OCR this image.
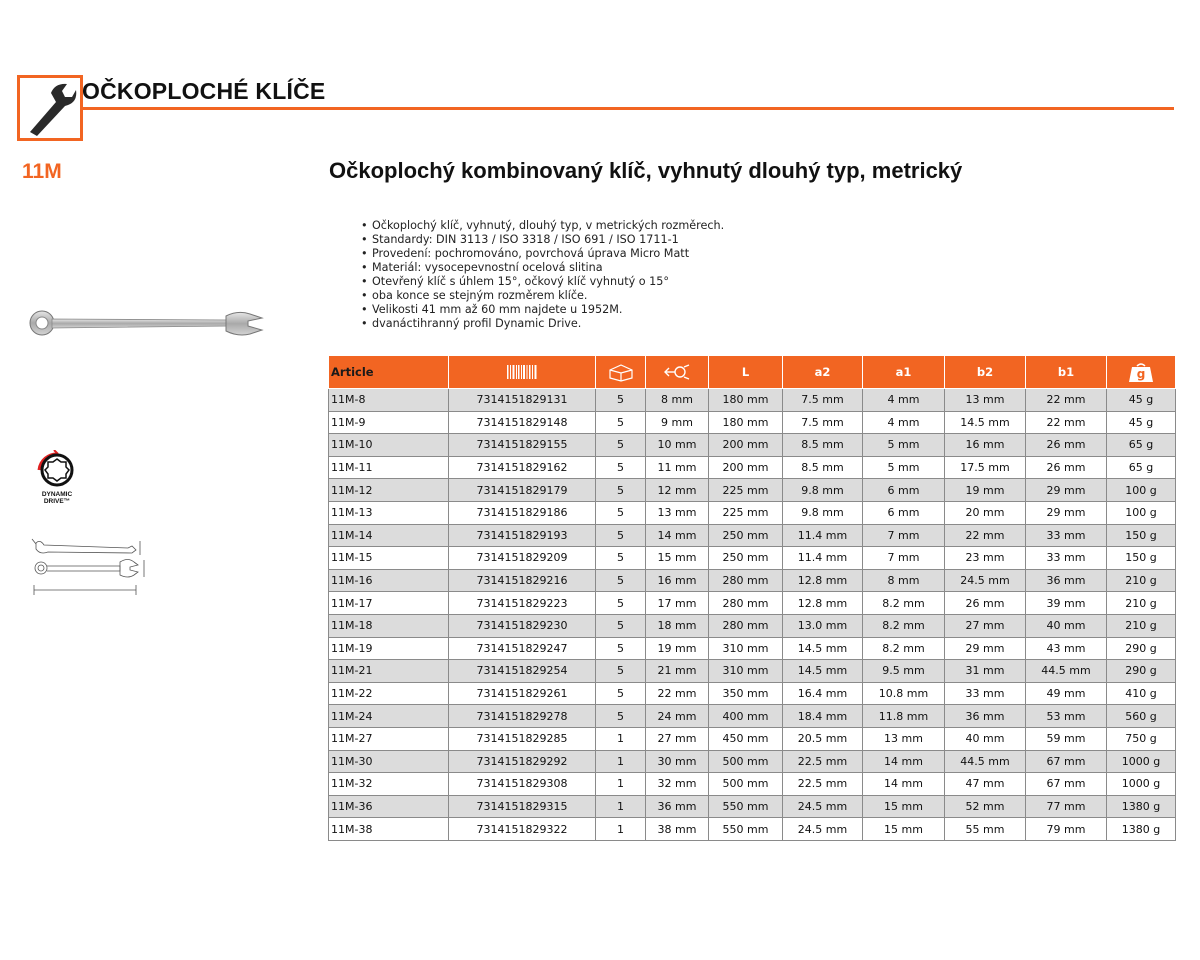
OČKOPLOCHÉ KLÍČE
11M	Očkoplochý kombinovaný klíč, vyhnutý dlouhý typ, metrický
• Očkoplochý klíč, vyhnutý, dlouhý typ, v metrických rozměrech.
• Standardy: DIN 3113 / ISO 3318 / ISO 691 / ISO 1711-1
• Provedení: pochromováno, povrchová úprava Micro Matt
• Materiál: vysocepevnostní ocelová slitina
• Otevřený klíč s úhlem 15°, očkový klíč vyhnutý o 15°
• oba konce se stejným rozměrem klíče.
• Velikosti 41 mm až 60 mm najdete u 1952M.
• dvanáctihranný profil Dynamic Drive.
DYNAMIC
DRIVE™
Article				L	a2	a1	b2	b1	g

11M-8	7314151829131	5	8 mm	180 mm	7.5 mm	4 mm	13 mm	22 mm	45 g
11M-9	7314151829148	5	9 mm	180 mm	7.5 mm	4 mm	14.5 mm	22 mm	45 g
11M-10	7314151829155	5	10 mm	200 mm	8.5 mm	5 mm	16 mm	26 mm	65 g
11M-11	7314151829162	5	11 mm	200 mm	8.5 mm	5 mm	17.5 mm	26 mm	65 g
11M-12	7314151829179	5	12 mm	225 mm	9.8 mm	6 mm	19 mm	29 mm	100 g
11M-13	7314151829186	5	13 mm	225 mm	9.8 mm	6 mm	20 mm	29 mm	100 g
11M-14	7314151829193	5	14 mm	250 mm	11.4 mm	7 mm	22 mm	33 mm	150 g
11M-15	7314151829209	5	15 mm	250 mm	11.4 mm	7 mm	23 mm	33 mm	150 g
11M-16	7314151829216	5	16 mm	280 mm	12.8 mm	8 mm	24.5 mm	36 mm	210 g
11M-17	7314151829223	5	17 mm	280 mm	12.8 mm	8.2 mm	26 mm	39 mm	210 g
11M-18	7314151829230	5	18 mm	280 mm	13.0 mm	8.2 mm	27 mm	40 mm	210 g
11M-19	7314151829247	5	19 mm	310 mm	14.5 mm	8.2 mm	29 mm	43 mm	290 g
11M-21	7314151829254	5	21 mm	310 mm	14.5 mm	9.5 mm	31 mm	44.5 mm	290 g
11M-22	7314151829261	5	22 mm	350 mm	16.4 mm	10.8 mm	33 mm	49 mm	410 g
11M-24	7314151829278	5	24 mm	400 mm	18.4 mm	11.8 mm	36 mm	53 mm	560 g
11M-27	7314151829285	1	27 mm	450 mm	20.5 mm	13 mm	40 mm	59 mm	750 g
11M-30	7314151829292	1	30 mm	500 mm	22.5 mm	14 mm	44.5 mm	67 mm	1000 g
11M-32	7314151829308	1	32 mm	500 mm	22.5 mm	14 mm	47 mm	67 mm	1000 g
11M-36	7314151829315	1	36 mm	550 mm	24.5 mm	15 mm	52 mm	77 mm	1380 g
11M-38	7314151829322	1	38 mm	550 mm	24.5 mm	15 mm	55 mm	79 mm	1380 g
